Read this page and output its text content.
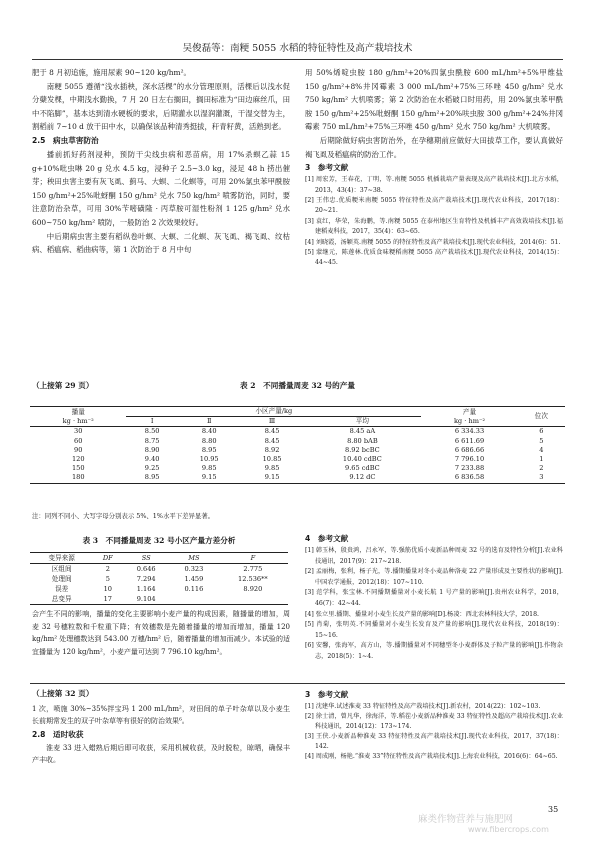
吴俊磊等：南粳 5055 水稻的特征特性及高产栽培技术

肥于 8 月初追施，施用尿素 90~120 kg/hm²。

南粳 5055 遵循“浅水插秧，深水活棵”的水分管理原则，活棵后以浅水促分蘖发棵，中期浅水勤换，7 月 20 日左右搁田，搁田标准为“田边麻丝爪，田中不陷脚”，基本达到清水硬板的要求，后期灌水以湿润灌溉，干湿交替为主，割稻前 7~10 d 放干田中水，以确保该品种清秀挺拔，秆青籽黄，活熟到老。

2.5　病虫草害防治

播前抓好药剂浸种，预防干尖线虫病和恶苗病，用 17%杀螟乙蒜 15 g+10%吡虫啉 20 g 兑水 4.5 kg，浸种子 2.5~3.0 kg，浸足 48 h 捞出催芽；秧田虫害主要有灰飞虱、蓟马、大螟、二化螟等，可用 20%氯虫苯甲酰胺 150 g/hm²+25%吡蚜酮 150 g/hm² 兑水 750 kg/hm² 喷雾防治，同时，要注意防治杂草，可用 30%苄嘧磺隆 · 丙草胺可湿性粉剂 1 125 g/hm² 兑水 600~750 kg/hm² 喷防，一般防治 2 次效果较好。

中后期病虫害主要有稻纵卷叶螟、大螟、二化螟、灰飞虱、褐飞虱、纹枯病、稻瘟病、稻曲病等，第 1 次防治于 8 月中旬

用 50%烯啶虫胺 180 g/hm²+20%四氯虫酰胺 600 mL/hm²+5%甲维盐 150 g/hm²+8%井冈霉素 3 000 mL/hm²+75%三环唑 450 g/hm² 兑水 750 kg/hm² 大机喷雾；第 2 次防治在水稻破口时用药，用 20%氯虫苯甲酰胺 150 g/hm²+25%吡蚜酮 150 g/hm²+20%呋虫胺 300 g/hm²+24%井冈霉素 750 mL/hm²+75%三环唑 450 g/hm² 兑水 750 kg/hm² 大机喷雾。

后期除做好病虫害防治外，在孕穗期前应做好大田拔草工作，要认真做好褐飞虱及稻瘟病的防治工作。

3　参考文献
[1] 周宏芳，王春花，丁明，等.南粳 5055 机插栽培产量表现及高产栽培技术[J].北方水稻，2013，43(4)：37~38.
[2] 王伟忠.优质粳米南粳 5055 特征特性及高产栽培技术[J].现代农业科技，2017(18)：20~21.
[3] 袁红，华荣，朱海鹏，等.南粳 5055 在泰州地区生育特性及机插丰产高效栽培技术[J].福建稻麦科技，2017，35(4)：63~65.
[4] 刘晓霞，汤颖英.南粳 5055 的特征特性及高产栽培技术[J].现代农业科技，2014(6)：51.
[5] 蒙继元，陈莲林.优质食味粳稻南粳 5055 高产栽培技术[J].现代农业科技，2014(15)：44~45.
（上接第 29 页）	表 2　不同播量周麦 32 号的产量
播量
kg · hm⁻²	小区产量/kg				产量
kg · hm⁻²	位次
	Ⅰ	Ⅱ	Ⅲ	平均		
30	8.50	8.40	8.45	8.45 aA	6 334.33	6
60	8.75	8.80	8.45	8.80 bAB	6 611.69	5
90	8.90	8.95	8.92	8.92 bcBC	6 686.66	4
120	9.40	10.95	10.85	10.40 cdBC	7 796.10	1
150	9.25	9.85	9.85	9.65 cdBC	7 233.88	2
180	8.95	9.15	9.15	9.12 dC	6 836.58	3
注：同列不同小、大写字母分别表示 5%、1%水平下差异显著。
表 3　不同播量周麦 32 号小区产量方差分析
变异来源	DF	SS	MS	F
区组间	2	0.646	0.323	2.775
处理间	5	7.294	1.459	12.536**
误差	10	1.164	0.116	8.920
总变异	17	9.104		

会产生不同的影响，播量的变化主要影响小麦产量的构成因素，随播量的增加，周麦 32 号穗粒数和千粒重下降；有效穗数是先随着播量的增加而增加，播量 120 kg/hm² 处理穗数达到 543.00 万穗/hm² 后，随着播量的增加而减少。本试验的适宜播量为 120 kg/hm²，小麦产量可达到 7 796.10 kg/hm²。

4　参考文献
[1] 韩玉林，殷贵鸿，吕永军，等.强筋优质小麦新品种周麦 32 号的选育及特性分析[J].农业科技通讯，2017(9)：217~218.
[2] 孟丽梅，张利，杨子光，等.播期播量对冬小麦品种洛麦 22 产量形成及主要性状的影响[J].中国农学通报，2012(18)：107~110.
[3] 范学科，张宝林.不同播期播量对小麦长航 1 号产量的影响[J].贵州农业科学，2018，46(7)：42~44.
[4] 张立里.播期、播量对小麦生长及产量的影响[D].杨凌：西北农林科技大学，2018.
[5] 肖菊，张明英.不同播量对小麦生长发育及产量的影响[J].现代农业科技，2018(19)：15~16.
[6] 安馨，张海军，高方山，等.播期播量对不同穗型冬小麦群体及子粒产量的影响[J].作物杂志，2018(5)：1~4.
（上接第 32 页）

1 次，喷施 30%~35%拌宝玛 1 200 mL/hm²，对田间的单子叶杂草以及小麦生长前期常发生的双子叶杂草等有很好的防治效果⁶。

2.8　适时收获

淮麦 33 进入蜡熟后期后即可收获，采用机械收获，及时脱粒，晾晒，确保丰产丰收。

3　参考文献
[1] 沈建华.试述淮麦 33 特征特性及高产栽培技术[J].新农村，2014(22)：102~103.
[2] 徐士清，曾凡华，徐海洋，等.稻茬小麦新品种淮麦 33 特征特性及超高产栽培技术[J].农业科技通讯，2014(12)：173~174.
[3] 王侠.小麦新品种淮麦 33 特征特性及高产栽培技术[J].现代农业科技，2017，37(18)：142.
[4] 周成刚，杨艳.“淮麦 33”特征特性及高产栽培技术[J].上海农业科技，2016(6)：64~65.
35
麻类作物营养与施肥网
www.fibercrops.com
